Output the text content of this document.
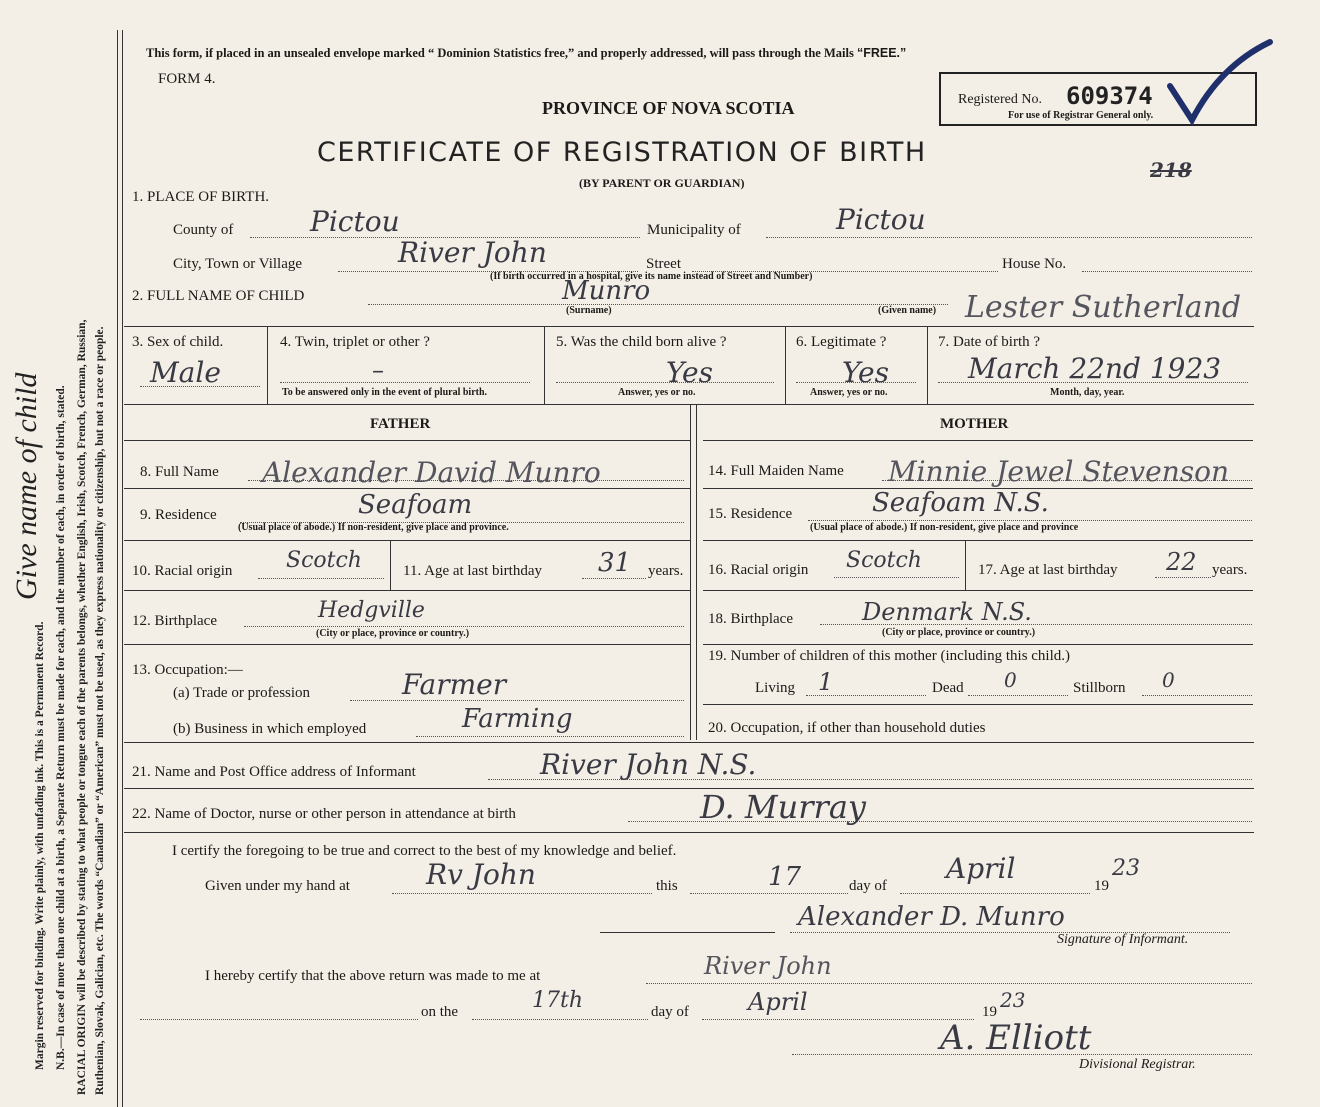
Margin reserved for binding. Write plainly, with unfading ink. This is a Permanent Record. N.B.—In case of more than one child at a birth, a Separate Return must be made for each, and the number of each, in order of birth, stated. RACIAL ORIGIN will be described by stating to what people or tongue each of the parents belongs, whether English, Irish, Scotch, French, German, Russian, Ruthenian, Slovak, Galician, etc. The words “Canadian” or “American” must not be used, as they express nationality or citizenship, but not a race or people.
Give name of child
This form, if placed in an unsealed envelope marked “ Dominion Statistics free,” and properly addressed, will pass through the Mails “FREE.”
FORM 4.
PROVINCE OF NOVA SCOTIA	Registered No. 609374
For use of Registrar General only.
CERTIFICATE OF REGISTRATION OF BIRTH
(BY PARENT OR GUARDIAN)
218
1. PLACE OF BIRTH.
County of	Pictou	Municipality of	Pictou
City, Town or Village	River John	Street	House No.
(If birth occurred in a hospital, give its name instead of Street and Number)
2. FULL NAME OF CHILD	Munro
(Surname)	(Given name) Lester Sutherland
3. Sex of child.
Male
4. Twin, triplet or other ?
–
To be answered only in the event of plural birth.
5. Was the child born alive ?
Yes
Answer, yes or no.
6. Legitimate ?
Yes
Answer, yes or no.
7. Date of birth ?
March 22nd 1923
Month, day, year.
FATHER	MOTHER
8. Full Name Alexander David Munro
9. Residence	Seafoam
(Usual place of abode.) If non-resident, give place and province.
10. Racial origin Scotch	11. Age at last birthday 31 years.
12. Birthplace	Hedgville
(City or place, province or country.)
13. Occupation:—
(a) Trade or profession	Farmer
(b) Business in which employed	Farming
14. Full Maiden Name Minnie Jewel Stevenson
15. Residence	Seafoam N.S.
(Usual place of abode.) If non-resident, give place and province
16. Racial origin Scotch	17. Age at last birthday 22 years.
18. Birthplace	Denmark N.S.
(City or place, province or country.)
19. Number of children of this mother (including this child.)
Living 1	Dead 0	Stillborn 0
20. Occupation, if other than household duties
21. Name and Post Office address of Informant	River John N.S.
22. Name of Doctor, nurse or other person in attendance at birth	D. Murray
I certify the foregoing to be true and correct to the best of my knowledge and belief.
Given under my hand at	Rv John	this	17	day of
April
19
23
Alexander D. Munro
Signature of Informant.
I hereby certify that the above return was made to me at	River John
on the	17th	day of April	19 23
A. Elliott
Divisional Registrar.
